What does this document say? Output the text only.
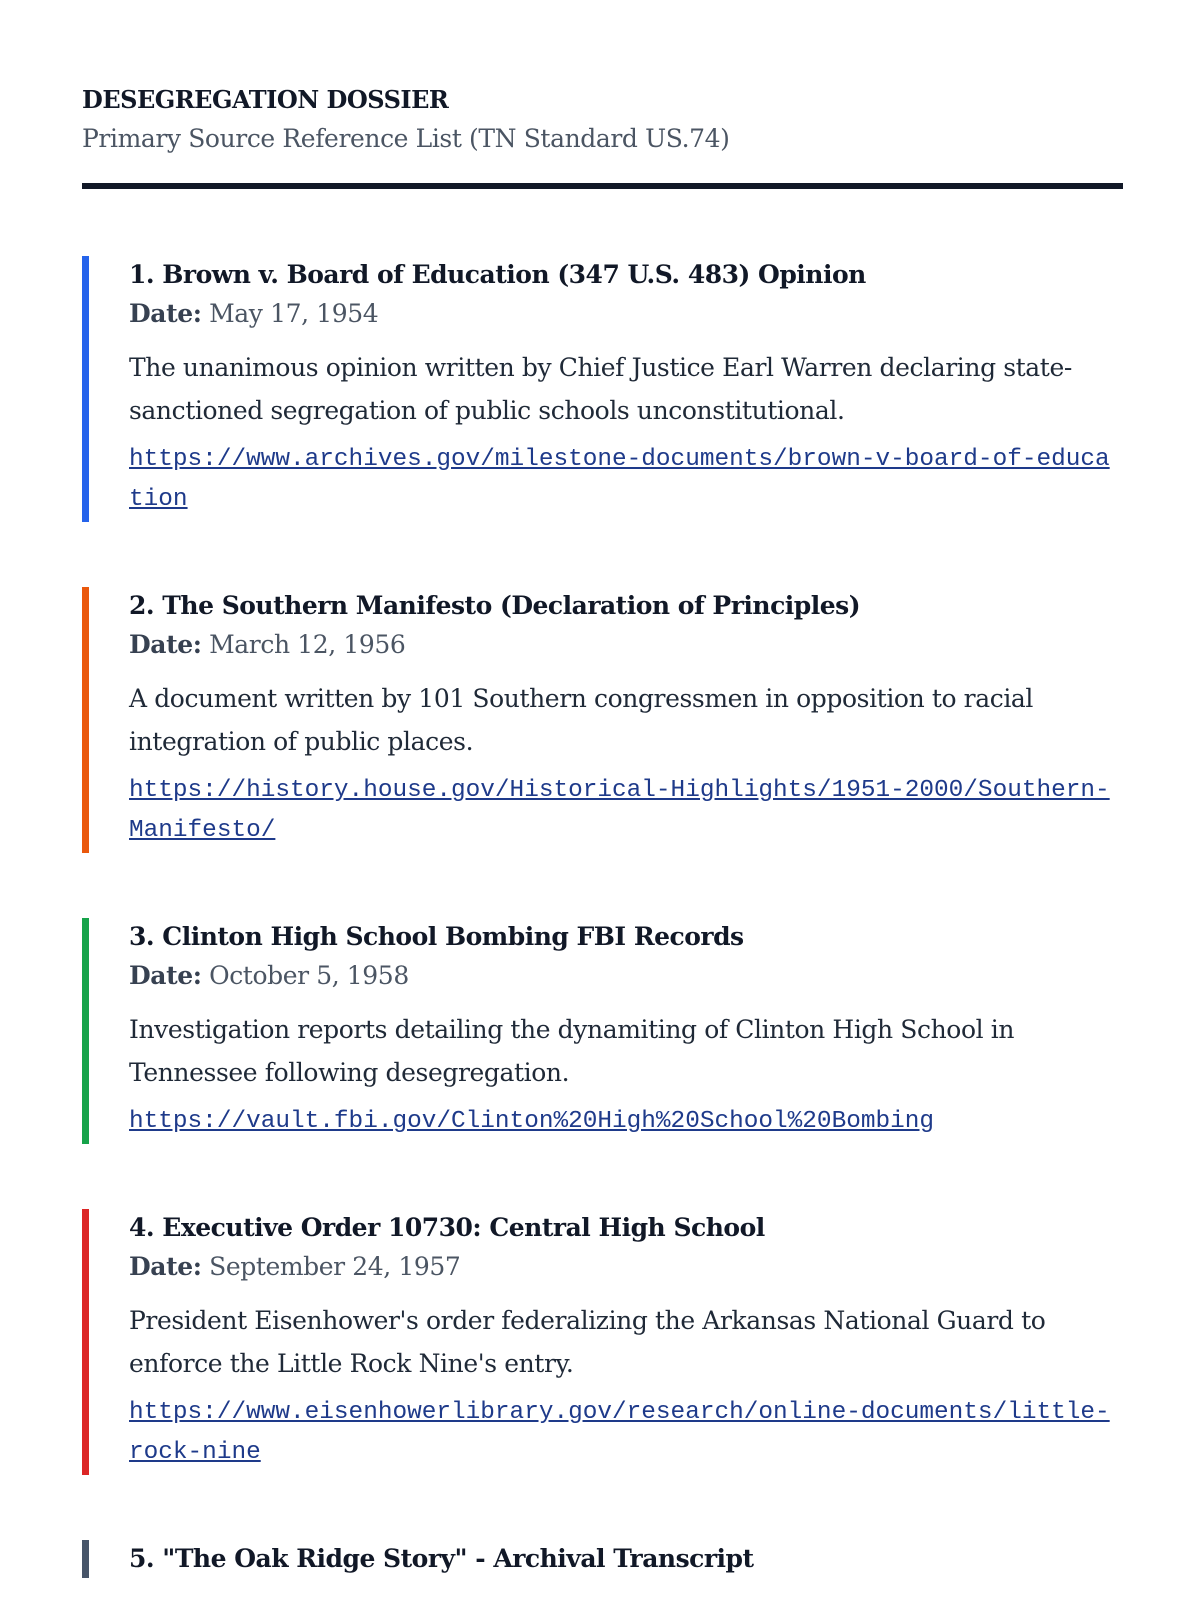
DESEGREGATION DOSSIER
Primary Source Reference List (TN Standard US.74)
1. Brown v. Board of Education (347 U.S. 483) Opinion
Date: May 17, 1954
The unanimous opinion written by Chief Justice Earl Warren declaring state-sanctioned segregation of public schools unconstitutional.
https://www.archives.gov/milestone-documents/brown-v-board-of-education
2. The Southern Manifesto (Declaration of Principles)
Date: March 12, 1956
A document written by 101 Southern congressmen in opposition to racial integration of public places.
https://history.house.gov/Historical-Highlights/1951-2000/Southern-Manifesto/
3. Clinton High School Bombing FBI Records
Date: October 5, 1958
Investigation reports detailing the dynamiting of Clinton High School in Tennessee following desegregation.
https://vault.fbi.gov/Clinton%20High%20School%20Bombing
4. Executive Order 10730: Central High School
Date: September 24, 1957
President Eisenhower's order federalizing the Arkansas National Guard to enforce the Little Rock Nine's entry.
https://www.eisenhowerlibrary.gov/research/online-documents/little-rock-nine
5. "The Oak Ridge Story" - Archival Transcript
